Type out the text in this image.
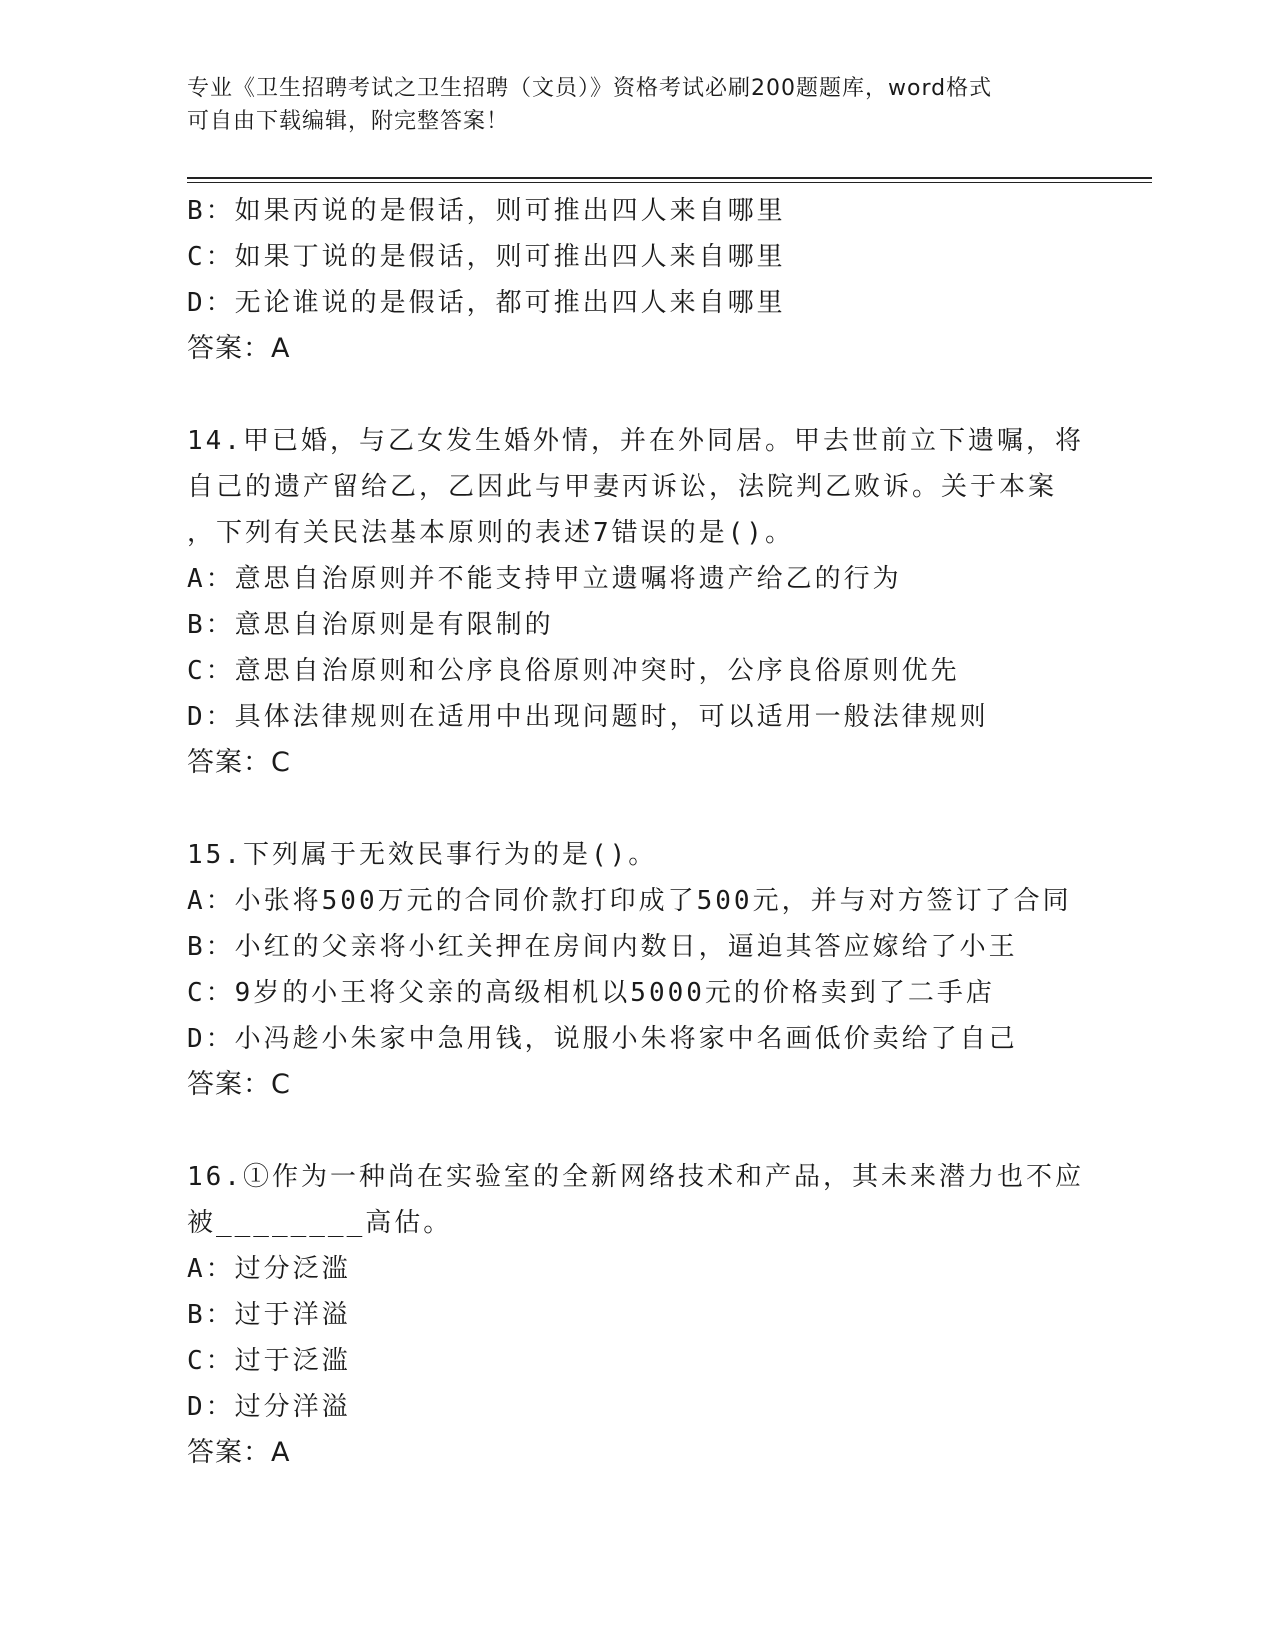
专业《卫生招聘考试之卫生招聘（文员）》资格考试必刷200题题库，word格式
可自由下载编辑，附完整答案！
B：如果丙说的是假话，则可推出四人来自哪里
C：如果丁说的是假话，则可推出四人来自哪里
D：无论谁说的是假话，都可推出四人来自哪里
答案：A
14.甲已婚，与乙女发生婚外情，并在外同居。甲去世前立下遗嘱，将
自己的遗产留给乙，乙因此与甲妻丙诉讼，法院判乙败诉。关于本案
，下列有关民法基本原则的表述7错误的是()。
A：意思自治原则并不能支持甲立遗嘱将遗产给乙的行为
B：意思自治原则是有限制的
C：意思自治原则和公序良俗原则冲突时，公序良俗原则优先
D：具体法律规则在适用中出现问题时，可以适用一般法律规则
答案：C
15.下列属于无效民事行为的是()。
A：小张将500万元的合同价款打印成了500元，并与对方签订了合同
B：小红的父亲将小红关押在房间内数日，逼迫其答应嫁给了小王
C：9岁的小王将父亲的高级相机以5000元的价格卖到了二手店
D：小冯趁小朱家中急用钱，说服小朱将家中名画低价卖给了自己
答案：C
16.①作为一种尚在实验室的全新网络技术和产品，其未来潜力也不应
被________高估。
A：过分泛滥
B：过于洋溢
C：过于泛滥
D：过分洋溢
答案：A
